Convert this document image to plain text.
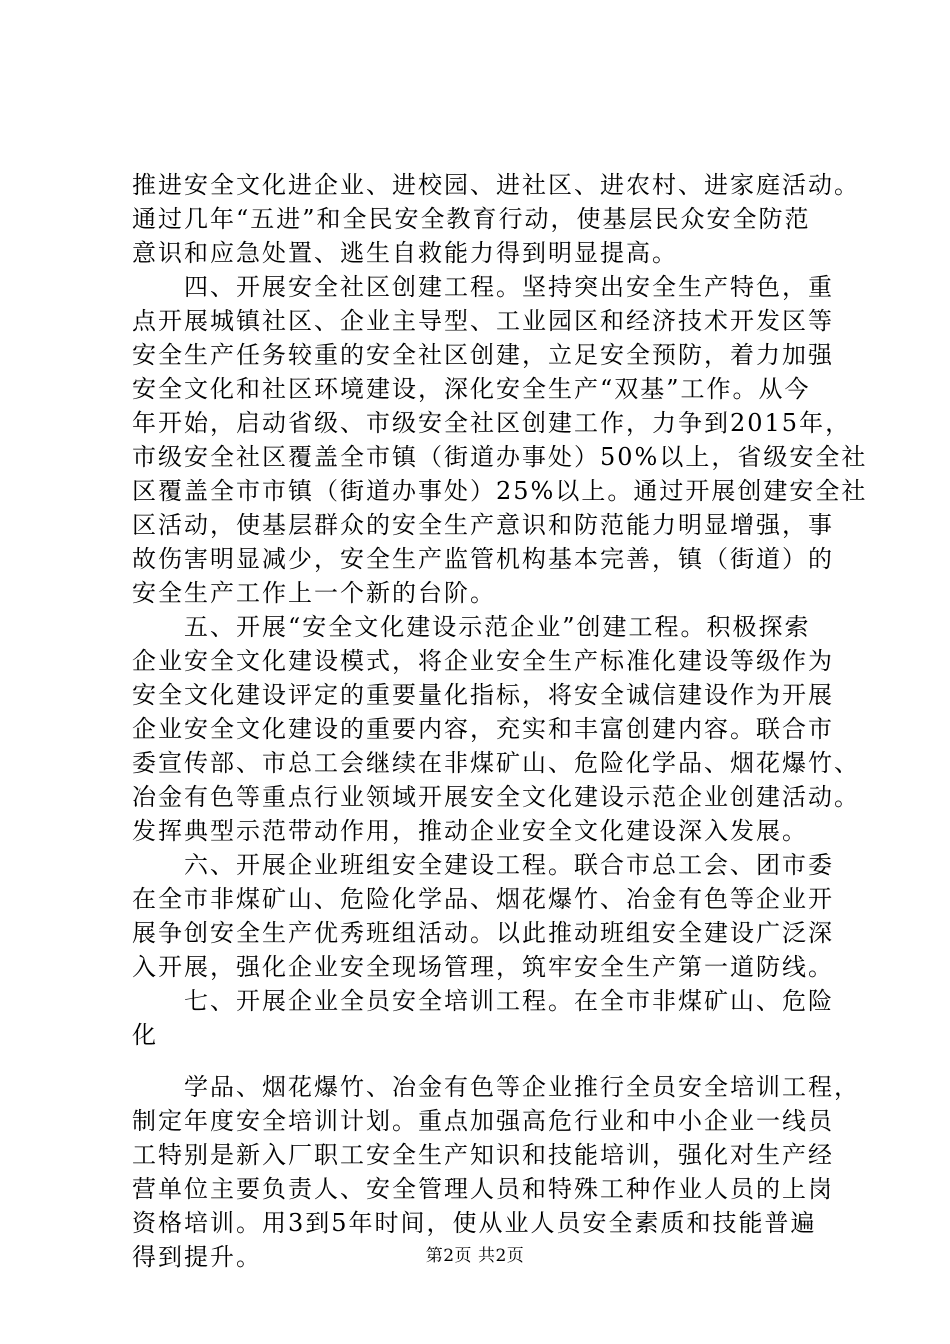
推进安全文化进企业、进校园、进社区、进农村、进家庭活动。
通过几年“五进”和全民安全教育行动，使基层民众安全防范
意识和应急处置、逃生自救能力得到明显提高。
　　四、开展安全社区创建工程。坚持突出安全生产特色，重
点开展城镇社区、企业主导型、工业园区和经济技术开发区等
安全生产任务较重的安全社区创建，立足安全预防，着力加强
安全文化和社区环境建设，深化安全生产“双基”工作。从今
年开始，启动省级、市级安全社区创建工作，力争到2015年，
市级安全社区覆盖全市镇（街道办事处）50%以上，省级安全社
区覆盖全市市镇（街道办事处）25%以上。通过开展创建安全社
区活动，使基层群众的安全生产意识和防范能力明显增强，事
故伤害明显减少，安全生产监管机构基本完善，镇（街道）的
安全生产工作上一个新的台阶。
　　五、开展“安全文化建设示范企业”创建工程。积极探索
企业安全文化建设模式，将企业安全生产标准化建设等级作为
安全文化建设评定的重要量化指标，将安全诚信建设作为开展
企业安全文化建设的重要内容，充实和丰富创建内容。联合市
委宣传部、市总工会继续在非煤矿山、危险化学品、烟花爆竹、
冶金有色等重点行业领域开展安全文化建设示范企业创建活动。
发挥典型示范带动作用，推动企业安全文化建设深入发展。
　　六、开展企业班组安全建设工程。联合市总工会、团市委
在全市非煤矿山、危险化学品、烟花爆竹、冶金有色等企业开
展争创安全生产优秀班组活动。以此推动班组安全建设广泛深
入开展，强化企业安全现场管理，筑牢安全生产第一道防线。
　　七、开展企业全员安全培训工程。在全市非煤矿山、危险
化
　　学品、烟花爆竹、冶金有色等企业推行全员安全培训工程，
制定年度安全培训计划。重点加强高危行业和中小企业一线员
工特别是新入厂职工安全生产知识和技能培训，强化对生产经
营单位主要负责人、安全管理人员和特殊工种作业人员的上岗
资格培训。用3到5年时间，使从业人员安全素质和技能普遍
得到提升。	第2页 共2页
